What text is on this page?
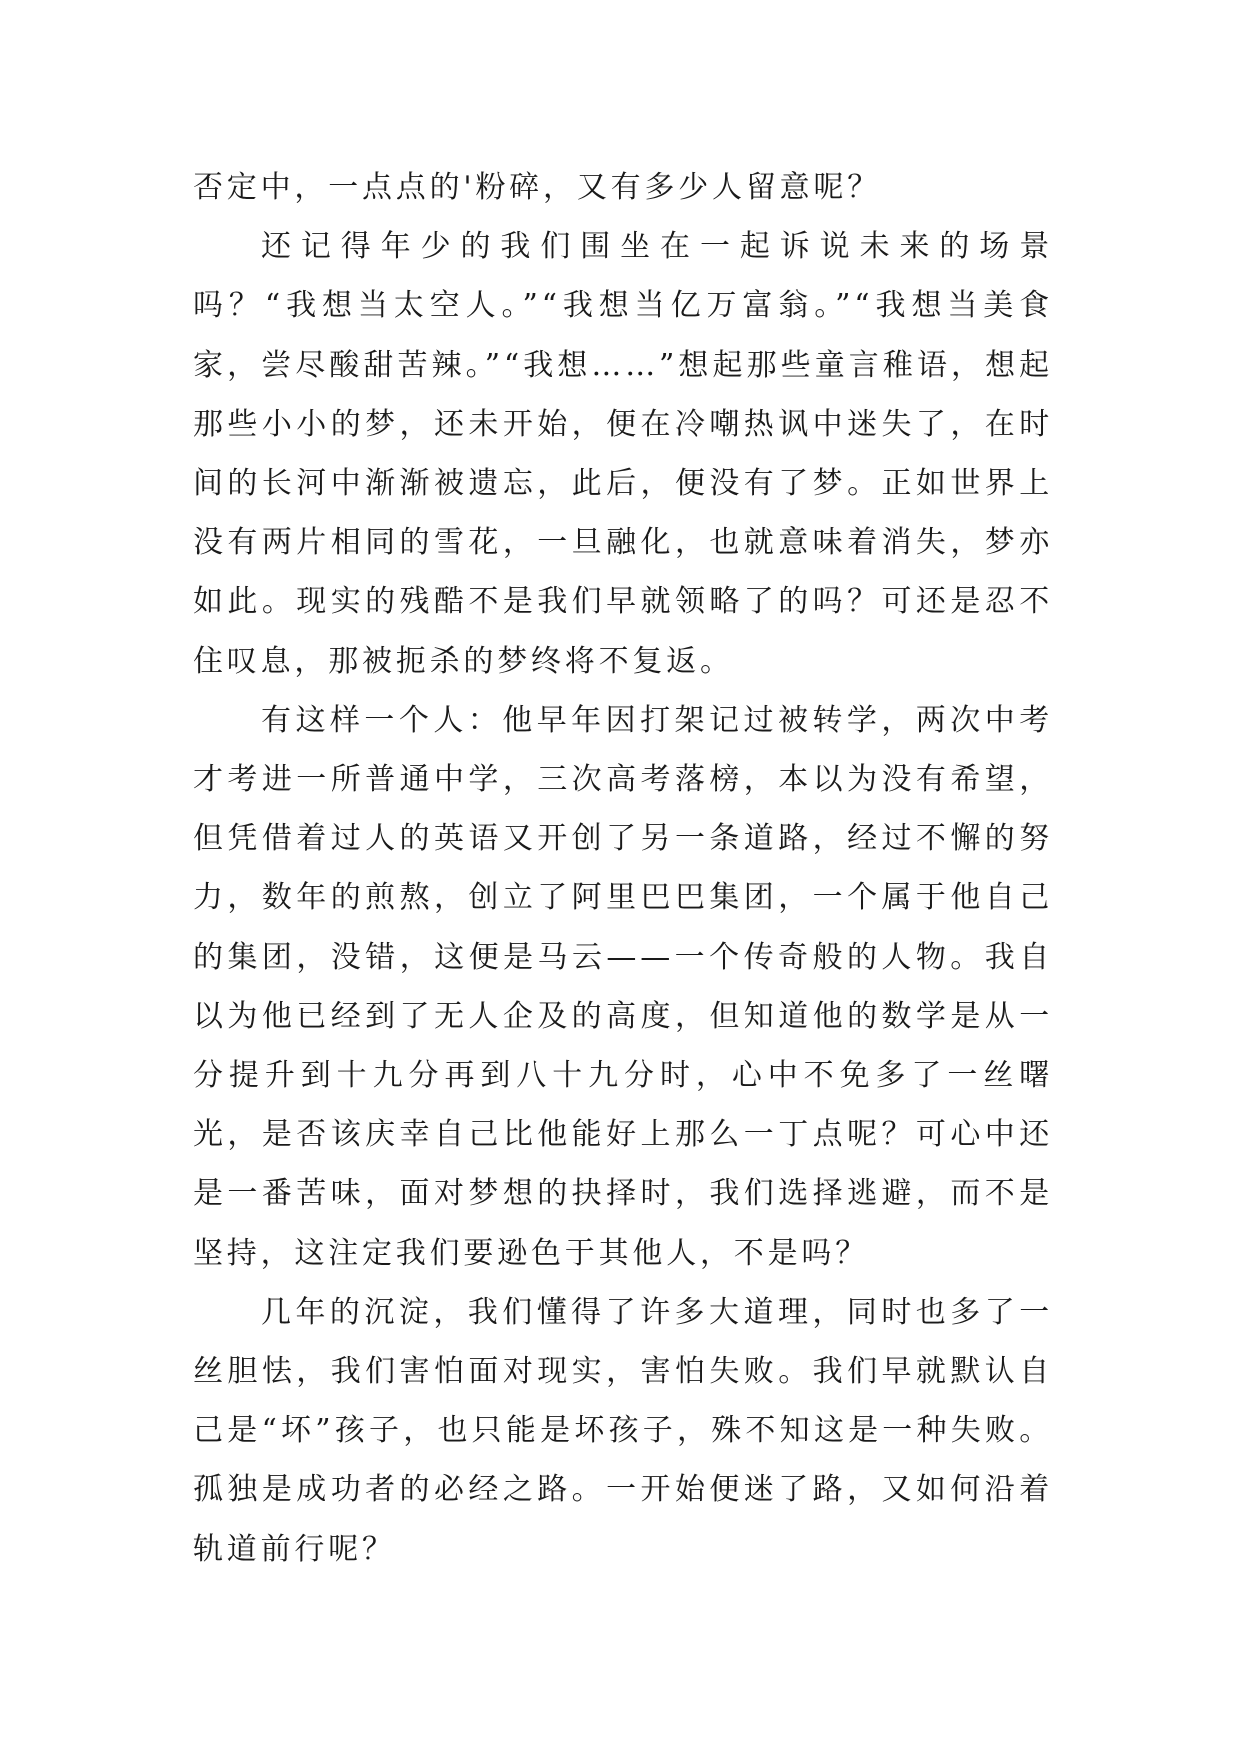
否定中，一点点的'粉碎，又有多少人留意呢？

还记得年少的我们围坐在一起诉说未来的场景吗？“我想当太空人。”“我想当亿万富翁。”“我想当美食家，尝尽酸甜苦辣。”“我想……”想起那些童言稚语，想起那些小小的梦，还未开始，便在冷嘲热讽中迷失了，在时间的长河中渐渐被遗忘，此后，便没有了梦。正如世界上没有两片相同的雪花，一旦融化，也就意味着消失，梦亦如此。现实的残酷不是我们早就领略了的吗？可还是忍不住叹息，那被扼杀的梦终将不复返。

有这样一个人：他早年因打架记过被转学，两次中考才考进一所普通中学，三次高考落榜，本以为没有希望，但凭借着过人的英语又开创了另一条道路，经过不懈的努力，数年的煎熬，创立了阿里巴巴集团，一个属于他自己的集团，没错，这便是马云——一个传奇般的人物。我自以为他已经到了无人企及的高度，但知道他的数学是从一分提升到十九分再到八十九分时，心中不免多了一丝曙光，是否该庆幸自己比他能好上那么一丁点呢？可心中还是一番苦味，面对梦想的抉择时，我们选择逃避，而不是坚持，这注定我们要逊色于其他人，不是吗？

几年的沉淀，我们懂得了许多大道理，同时也多了一丝胆怯，我们害怕面对现实，害怕失败。我们早就默认自己是“坏”孩子，也只能是坏孩子，殊不知这是一种失败。孤独是成功者的必经之路。一开始便迷了路，又如何沿着轨道前行呢？
